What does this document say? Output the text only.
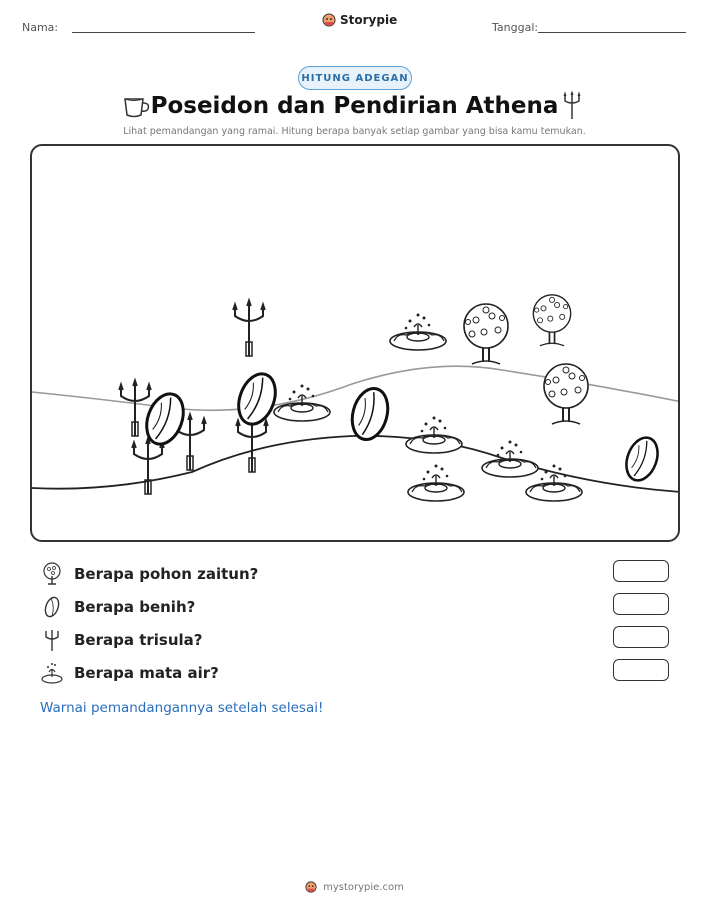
Nama:
Storypie
Tanggal:
HITUNG ADEGAN
Poseidon dan Pendirian Athena
Lihat pemandangan yang ramai. Hitung berapa banyak setiap gambar yang bisa kamu temukan.
Berapa pohon zaitun?
Berapa benih?
Berapa trisula?
Berapa mata air?
Warnai pemandangannya setelah selesai!
mystorypie.com
